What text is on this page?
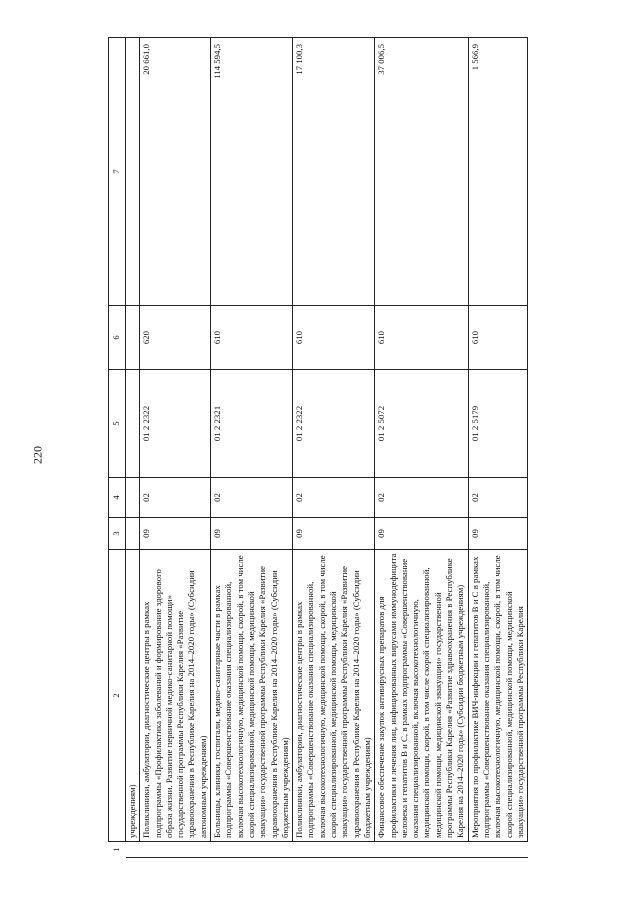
220
1	2	3	4	5	6	7
	учреждениям)					
	Поликлиники, амбулатории, диагностические центры в рамках подпрограммы «Профилактика заболеваний и формирование здорового образа жизни. Развитие первичной медико-санитарной помощи» государственной программы Республики Карелия «Развитие здравоохранения в Республике Карелия на 2014–2020 годы» (Субсидии автономным учреждениям)	09	02	01 2 2322	620	20 661,0
	Больницы, клиники, госпитали, медико-санитарные части в рамках подпрограммы «Совершенствование оказания специализированной, включая высокотехнологичную, медицинской помощи, скорой, в том числе скорой специализированной, медицинской помощи, медицинской эвакуации» государственной программы Республики Карелия «Развитие здравоохранения в Республике Карелия на 2014–2020 годы» (Субсидии бюджетным учреждениям)	09	02	01 2 2321	610	114 594,5
	Поликлиники, амбулатории, диагностические центры в рамках подпрограммы «Совершенствование оказания специализированной, включая высокотехнологичную, медицинской помощи, скорой, в том числе скорой специализированной, медицинской помощи, медицинской эвакуации» государственной программы Республики Карелия «Развитие здравоохранения в Республике Карелия на 2014–2020 годы» (Субсидии бюджетным учреждениям)	09	02	01 2 2322	610	17 100,3
	Финансовое обеспечение закупок антивирусных препаратов для профилактики и лечения лиц, инфицированных вирусами иммунодефицита человека и гепатитов В и С, в рамках подпрограммы «Совершенствование оказания специализированной, включая высокотехнологичную, медицинской помощи, скорой, в том числе скорой специализированной, медицинской помощи, медицинской эвакуации» государственной программы Республики Карелия «Развитие здравоохранения в Республике Карелия на 2014–2020 годы» (Субсидии бюджетным учреждениям)	09	02	01 2 5072	610	37 006,5
	Мероприятия по профилактике ВИЧ-инфекции и гепатитов В и С в рамках подпрограммы «Совершенствование оказания специализированной, включая высокотехнологичную, медицинской помощи, скорой, в том числе скорой специализированной, медицинской помощи, медицинской эвакуации» государственной программы Республики Карелия	09	02	01 2 5179	610	1 566,9
